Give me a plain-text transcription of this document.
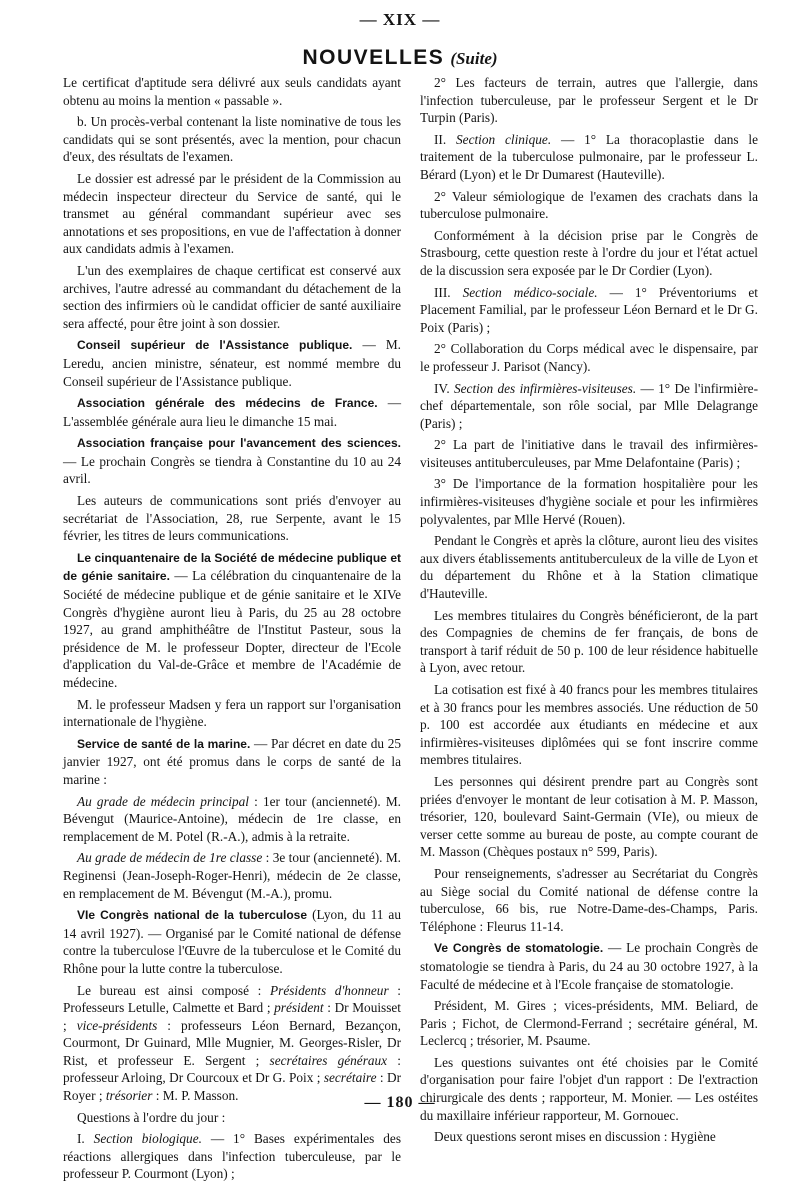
— XIX —
NOUVELLES (Suite)

Le certificat d'aptitude sera délivré aux seuls candidats ayant obtenu au moins la mention « passable ».

b. Un procès-verbal contenant la liste nominative de tous les candidats qui se sont présentés, avec la mention, pour chacun d'eux, des résultats de l'examen.

Le dossier est adressé par le président de la Commission au médecin inspecteur directeur du Service de santé, qui le transmet au général commandant supérieur avec ses annotations et ses propositions, en vue de l'affectation à donner aux candidats admis à l'examen.

L'un des exemplaires de chaque certificat est conservé aux archives, l'autre adressé au commandant du détachement de la section des infirmiers où le candidat officier de santé auxiliaire sera affecté, pour être joint à son dossier.

Conseil supérieur de l'Assistance publique. — M. Leredu, ancien ministre, sénateur, est nommé membre du Conseil supérieur de l'Assistance publique.

Association générale des médecins de France. — L'assemblée générale aura lieu le dimanche 15 mai.

Association française pour l'avancement des sciences. — Le prochain Congrès se tiendra à Constantine du 10 au 24 avril.

Les auteurs de communications sont priés d'envoyer au secrétariat de l'Association, 28, rue Serpente, avant le 15 février, les titres de leurs communications.

Le cinquantenaire de la Société de médecine publique et de génie sanitaire. — La célébration du cinquantenaire de la Société de médecine publique et de génie sanitaire et le XIVe Congrès d'hygiène auront lieu à Paris, du 25 au 28 octobre 1927, au grand amphithéâtre de l'Institut Pasteur, sous la présidence de M. le professeur Dopter, directeur de l'Ecole d'application du Val-de-Grâce et membre de l'Académie de médecine.

M. le professeur Madsen y fera un rapport sur l'organisation internationale de l'hygiène.

Service de santé de la marine. — Par décret en date du 25 janvier 1927, ont été promus dans le corps de santé de la marine :

Au grade de médecin principal : 1er tour (ancienneté). M. Bévengut (Maurice-Antoine), médecin de 1re classe, en remplacement de M. Potel (R.-A.), admis à la retraite.

Au grade de médecin de 1re classe : 3e tour (ancienneté). M. Reginensi (Jean-Joseph-Roger-Henri), médecin de 2e classe, en remplacement de M. Bévengut (M.-A.), promu.

VIe Congrès national de la tuberculose (Lyon, du 11 au 14 avril 1927). — Organisé par le Comité national de défense contre la tuberculose l'Œuvre de la tuberculose et le Comité du Rhône pour la lutte contre la tuberculose.

Le bureau est ainsi composé : Présidents d'honneur : Professeurs Letulle, Calmette et Bard ; président : Dr Mouisset ; vice-présidents : professeurs Léon Bernard, Bezançon, Courmont, Dr Guinard, Mlle Mugnier, M. Georges-Risler, Dr Rist, et professeur E. Sergent ; secrétaires généraux : professeur Arloing, Dr Courcoux et Dr G. Poix ; secrétaire : Dr Royer ; trésorier : M. P. Masson.

Questions à l'ordre du jour :

I. Section biologique. — 1° Bases expérimentales des réactions allergiques dans l'infection tuberculeuse, par le professeur P. Courmont (Lyon) ;

2° Les facteurs de terrain, autres que l'allergie, dans l'infection tuberculeuse, par le professeur Sergent et le Dr Turpin (Paris).

II. Section clinique. — 1° La thoracoplastie dans le traitement de la tuberculose pulmonaire, par le professeur L. Bérard (Lyon) et le Dr Dumarest (Hauteville).

2° Valeur sémiologique de l'examen des crachats dans la tuberculose pulmonaire.

Conformément à la décision prise par le Congrès de Strasbourg, cette question reste à l'ordre du jour et l'état actuel de la discussion sera exposée par le Dr Cordier (Lyon).

III. Section médico-sociale. — 1° Préventoriums et Placement Familial, par le professeur Léon Bernard et le Dr G. Poix (Paris) ;

2° Collaboration du Corps médical avec le dispensaire, par le professeur J. Parisot (Nancy).

IV. Section des infirmières-visiteuses. — 1° De l'infirmière-chef départementale, son rôle social, par Mlle Delagrange (Paris) ;

2° La part de l'initiative dans le travail des infirmières-visiteuses antituberculeuses, par Mme Delafontaine (Paris) ;

3° De l'importance de la formation hospitalière pour les infirmières-visiteuses d'hygiène sociale et pour les infirmières polyvalentes, par Mlle Hervé (Rouen).

Pendant le Congrès et après la clôture, auront lieu des visites aux divers établissements antituberculeux de la ville de Lyon et du département du Rhône et à la Station climatique d'Hauteville.

Les membres titulaires du Congrès bénéficieront, de la part des Compagnies de chemins de fer français, de bons de transport à tarif réduit de 50 p. 100 de leur résidence habituelle à Lyon, avec retour.

La cotisation est fixé à 40 francs pour les membres titulaires et à 30 francs pour les membres associés. Une réduction de 50 p. 100 est accordée aux étudiants en médecine et aux infirmières-visiteuses diplômées qui se font inscrire comme membres titulaires.

Les personnes qui désirent prendre part au Congrès sont priées d'envoyer le montant de leur cotisation à M. P. Masson, trésorier, 120, boulevard Saint-Germain (VIe), ou mieux de verser cette somme au bureau de poste, au compte courant de M. Masson (Chèques postaux n° 599, Paris).

Pour renseignements, s'adresser au Secrétariat du Congrès au Siège social du Comité national de défense contre la tuberculose, 66 bis, rue Notre-Dame-des-Champs, Paris. Téléphone : Fleurus 11-14.

Ve Congrès de stomatologie. — Le prochain Congrès de stomatologie se tiendra à Paris, du 24 au 30 octobre 1927, à la Faculté de médecine et à l'Ecole française de stomatologie.

Président, M. Gires ; vices-présidents, MM. Beliard, de Paris ; Fichot, de Clermond-Ferrand ; secrétaire général, M. Leclercq ; trésorier, M. Psaume.

Les questions suivantes ont été choisies par le Comité d'organisation pour faire l'objet d'un rapport : De l'extraction chirurgicale des dents ; rapporteur, M. Monier. — Les ostéites du maxillaire inférieur rapporteur, M. Gornouec.

Deux questions seront mises en discussion : Hygiène

— 180 —
